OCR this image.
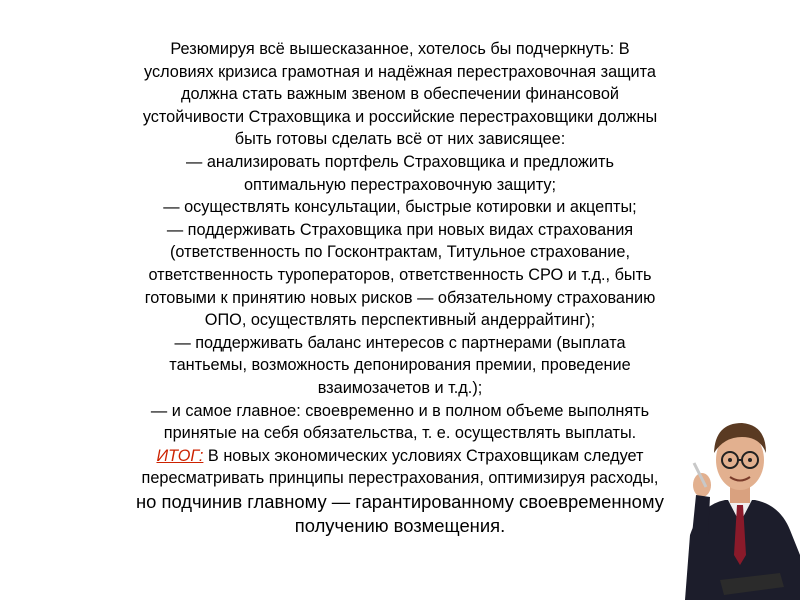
Резюмируя всё вышесказанное, хотелось бы подчеркнуть: В
условиях кризиса грамотная и надёжная перестраховочная защита
должна стать важным звеном в обеспечении финансовой
устойчивости Страховщика и российские перестраховщики должны
быть готовы сделать всё от них зависящее:
— анализировать портфель Страховщика и предложить
оптимальную перестраховочную защиту;
— осуществлять консультации, быстрые котировки и акцепты;
— поддерживать Страховщика при новых видах страхования
(ответственность по Госконтрактам, Титульное страхование,
ответственность туроператоров, ответственность СРО и т.д., быть
готовыми к принятию новых рисков — обязательному страхованию
ОПО, осуществлять перспективный андеррайтинг);
— поддерживать баланс интересов с партнерами (выплата
тантьемы, возможность депонирования премии, проведение
взаимозачетов и т.д.);
— и самое главное: своевременно и в полном объеме выполнять
принятые на себя обязательства, т. е. осуществлять выплаты.
ИТОГ: В новых экономических условиях Страховщикам следует
пересматривать принципы перестрахования, оптимизируя расходы,
но подчинив главному — гарантированному своевременному
получению возмещения.
